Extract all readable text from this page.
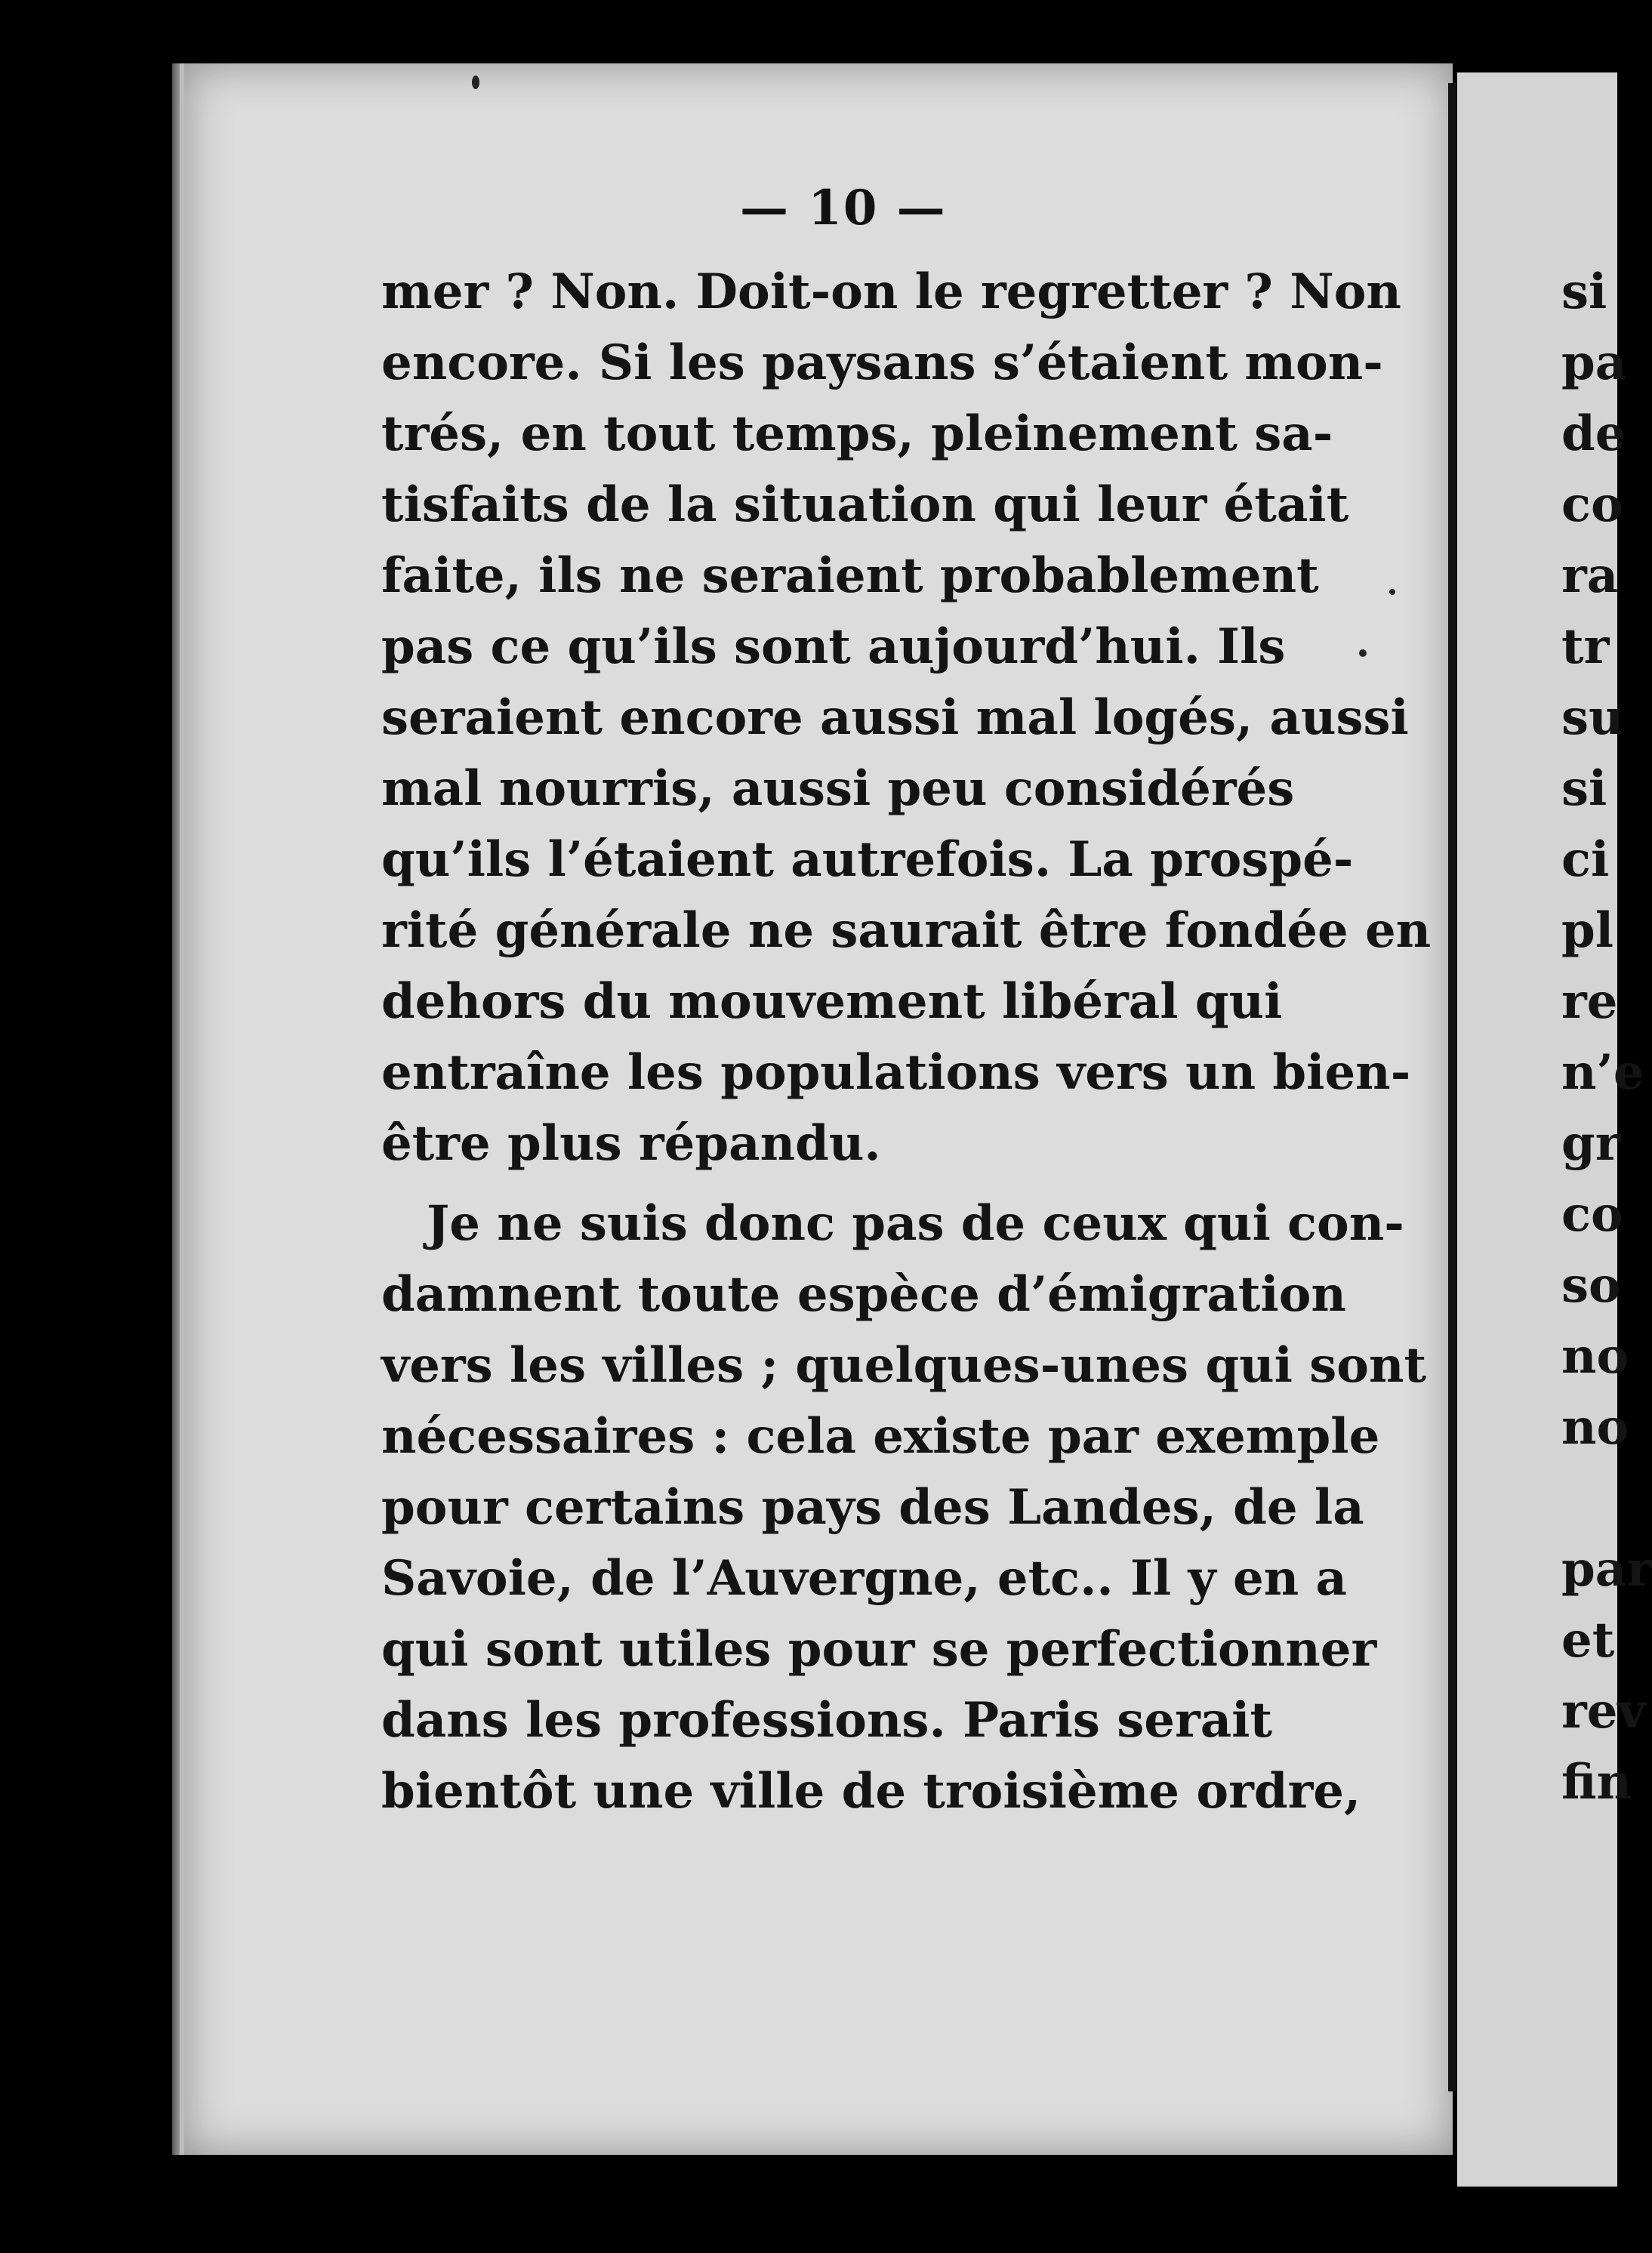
— 10 —
mer ? Non. Doit-on le regretter ? Non
encore. Si les paysans s’étaient mon-
trés, en tout temps, pleinement sa-
tisfaits de la situation qui leur était
faite, ils ne seraient probablement
pas ce qu’ils sont aujourd’hui. Ils
seraient encore aussi mal logés, aussi
mal nourris, aussi peu considérés
qu’ils l’étaient autrefois. La prospé-
rité générale ne saurait être fondée en
dehors du mouvement libéral qui
entraîne les populations vers un bien-
être plus répandu.
Je ne suis donc pas de ceux qui con-
damnent toute espèce d’émigration
vers les villes ; quelques-unes qui sont
nécessaires : cela existe par exemple
pour certains pays des Landes, de la
Savoie, de l’Auvergne, etc.. Il y en a
qui sont utiles pour se perfectionner
dans les professions. Paris serait
bientôt une ville de troisième ordre,
si
pa
de
co
ra
tr
su
si
ci
pl
re
n’e
gr
co
so
no
no
par
et
rev
fin
